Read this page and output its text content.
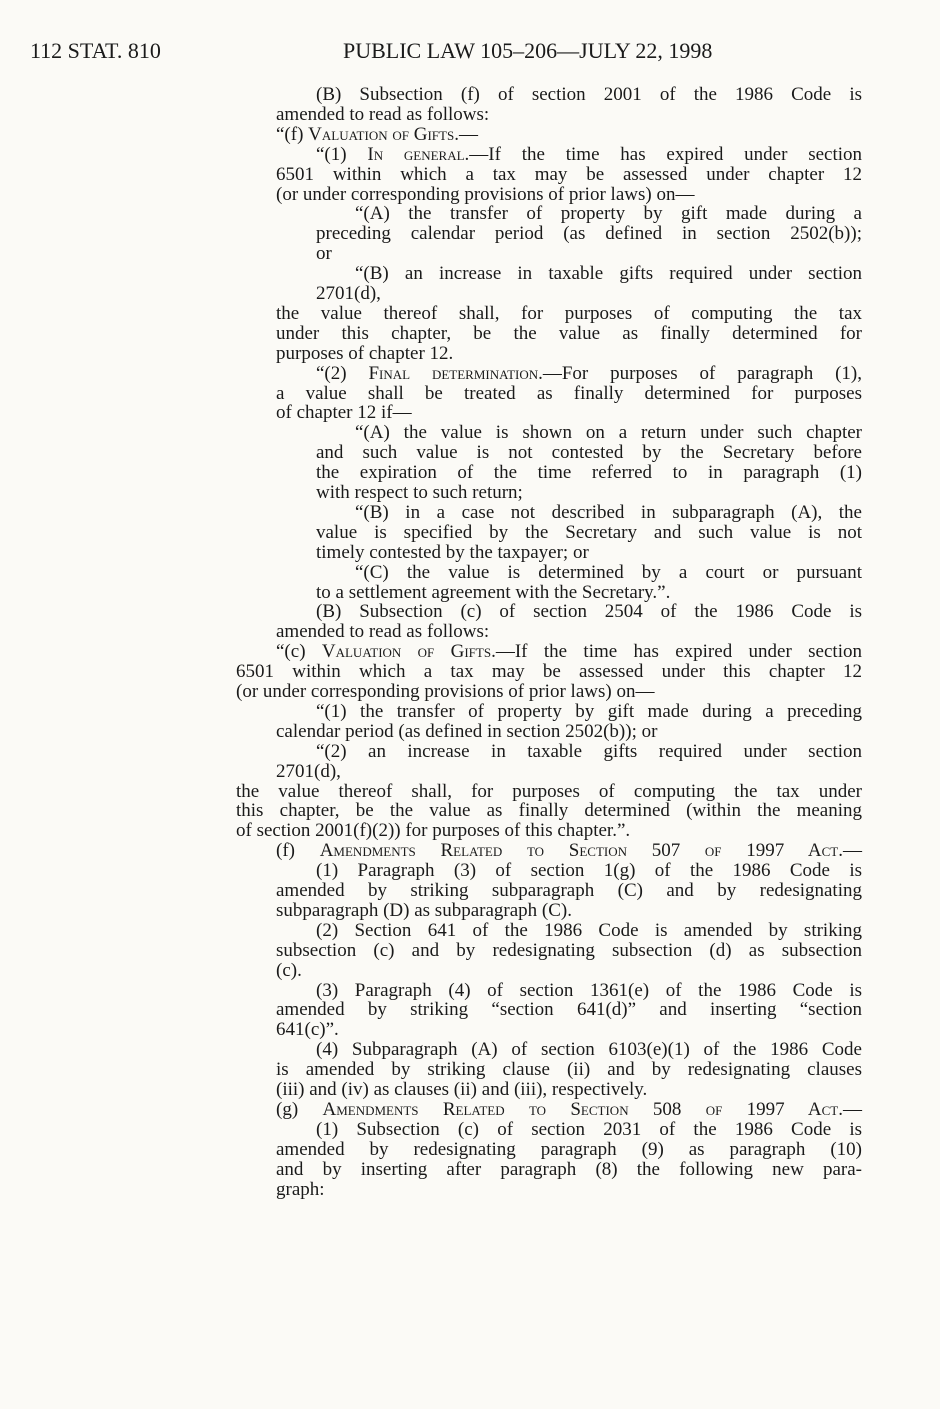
112 STAT. 810	PUBLIC LAW 105–206—JULY 22, 1998
(B) Subsection (f) of section 2001 of the 1986 Code is
amended to read as follows:
“(f) Valuation of Gifts.—
“(1) In general.—If the time has expired under section
6501 within which a tax may be assessed under chapter 12
(or under corresponding provisions of prior laws) on—
“(A) the transfer of property by gift made during a
preceding calendar period (as defined in section 2502(b));
or
“(B) an increase in taxable gifts required under section
2701(d),
the value thereof shall, for purposes of computing the tax
under this chapter, be the value as finally determined for
purposes of chapter 12.
“(2) Final determination.—For purposes of paragraph (1),
a value shall be treated as finally determined for purposes
of chapter 12 if—
“(A) the value is shown on a return under such chapter
and such value is not contested by the Secretary before
the expiration of the time referred to in paragraph (1)
with respect to such return;
“(B) in a case not described in subparagraph (A), the
value is specified by the Secretary and such value is not
timely contested by the taxpayer; or
“(C) the value is determined by a court or pursuant
to a settlement agreement with the Secretary.”.
(B) Subsection (c) of section 2504 of the 1986 Code is
amended to read as follows:
“(c) Valuation of Gifts.—If the time has expired under section
6501 within which a tax may be assessed under this chapter 12
(or under corresponding provisions of prior laws) on—
“(1) the transfer of property by gift made during a preceding
calendar period (as defined in section 2502(b)); or
“(2) an increase in taxable gifts required under section
2701(d),
the value thereof shall, for purposes of computing the tax under
this chapter, be the value as finally determined (within the meaning
of section 2001(f)(2)) for purposes of this chapter.”.
(f) Amendments Related to Section 507 of 1997 Act.—
(1) Paragraph (3) of section 1(g) of the 1986 Code is
amended by striking subparagraph (C) and by redesignating
subparagraph (D) as subparagraph (C).
(2) Section 641 of the 1986 Code is amended by striking
subsection (c) and by redesignating subsection (d) as subsection
(c).
(3) Paragraph (4) of section 1361(e) of the 1986 Code is
amended by striking “section 641(d)” and inserting “section
641(c)”.
(4) Subparagraph (A) of section 6103(e)(1) of the 1986 Code
is amended by striking clause (ii) and by redesignating clauses
(iii) and (iv) as clauses (ii) and (iii), respectively.
(g) Amendments Related to Section 508 of 1997 Act.—
(1) Subsection (c) of section 2031 of the 1986 Code is
amended by redesignating paragraph (9) as paragraph (10)
and by inserting after paragraph (8) the following new para-
graph:
